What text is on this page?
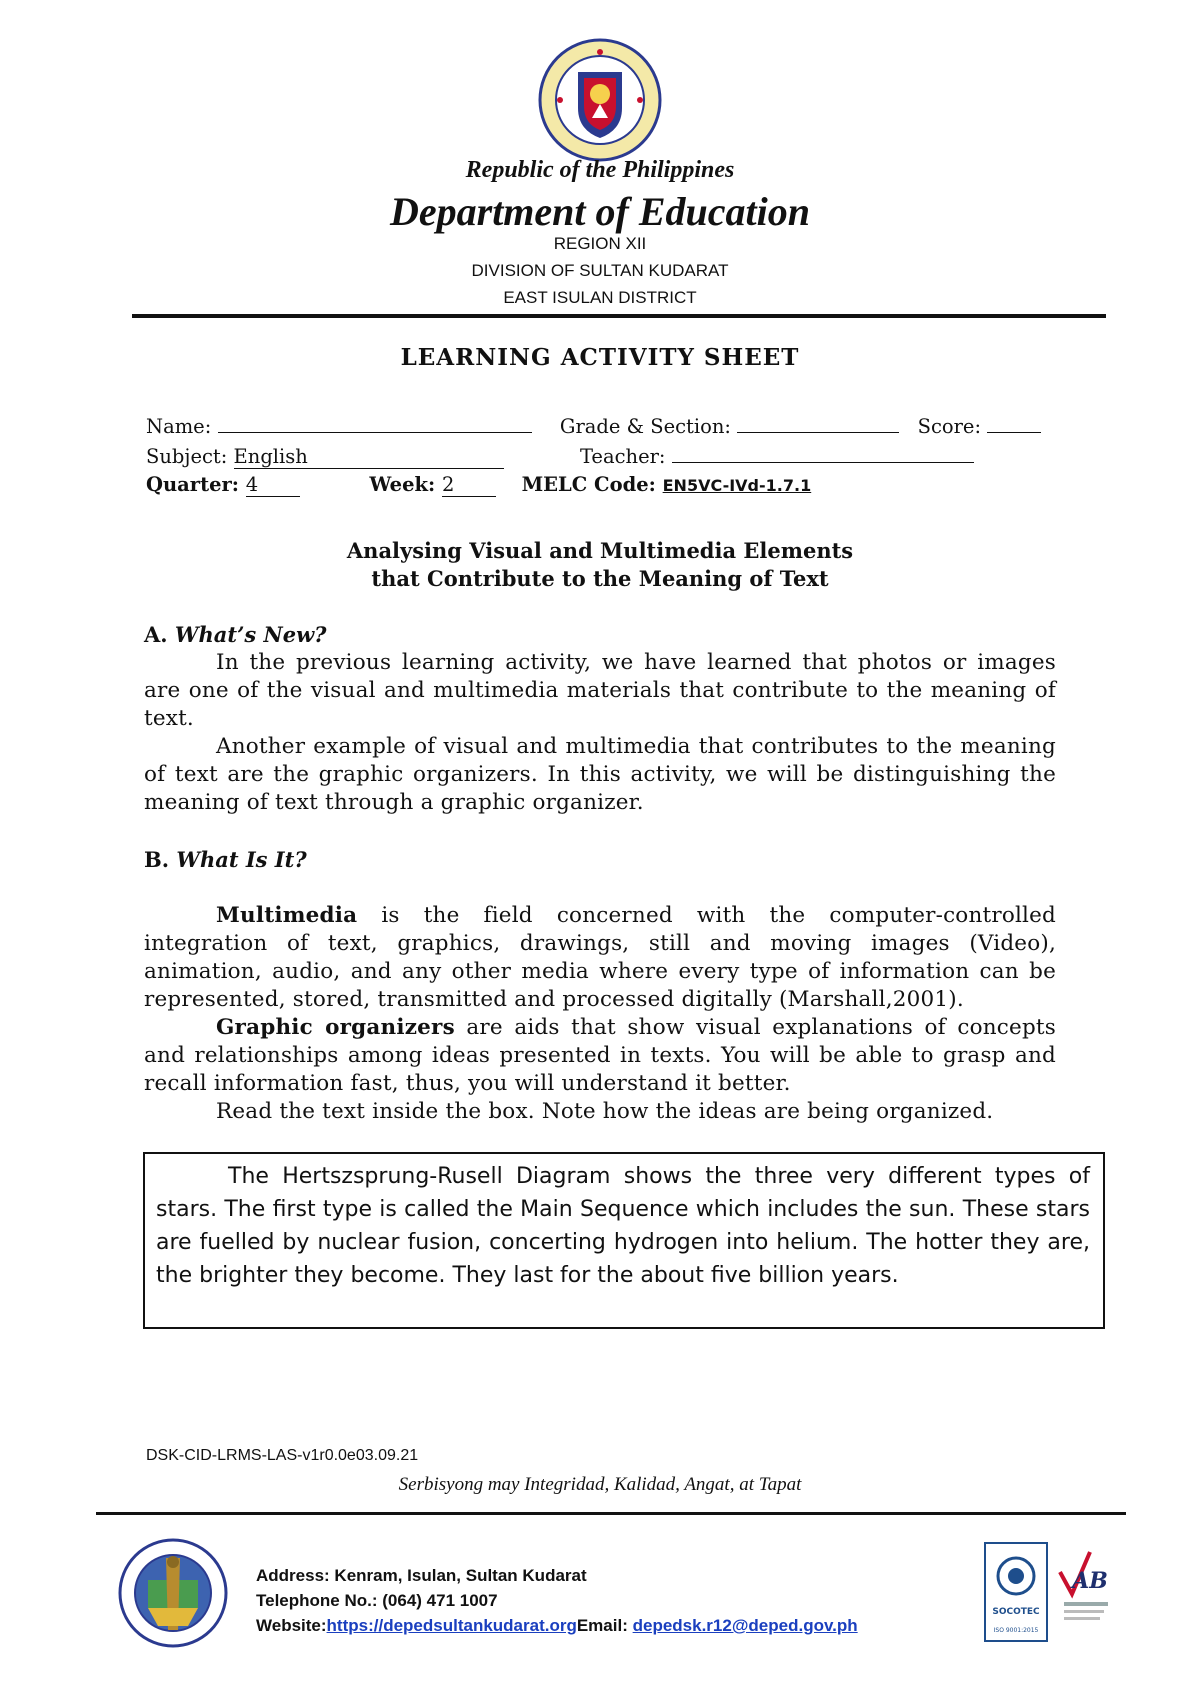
Republic of the Philippines
Department of Education
REGION XII
DIVISION OF SULTAN KUDARAT
EAST ISULAN DISTRICT
LEARNING ACTIVITY SHEET
Name:	Grade & Section:	Score:
Subject: English	Teacher:
Quarter: 4	Week: 2	MELC Code: EN5VC-IVd-1.7.1
Analysing Visual and Multimedia Elements
that Contribute to the Meaning of Text
A. What’s New?
In the previous learning activity, we have learned that photos or images are one of the visual and multimedia materials that contribute to the meaning of text.
Another example of visual and multimedia that contributes to the meaning of text are the graphic organizers. In this activity, we will be distinguishing the meaning of text through a graphic organizer.
B. What Is It?
Multimedia is the field concerned with the computer-controlled integration of text, graphics, drawings, still and moving images (Video), animation, audio, and any other media where every type of information can be represented, stored, transmitted and processed digitally (Marshall,2001).
Graphic organizers are aids that show visual explanations of concepts and relationships among ideas presented in texts. You will be able to grasp and recall information fast, thus, you will understand it better.
Read the text inside the box. Note how the ideas are being organized.
The Hertszsprung-Rusell Diagram shows the three very different types of stars. The first type is called the Main Sequence which includes the sun. These stars are fuelled by nuclear fusion, concerting hydrogen into helium. The hotter they are, the brighter they become. They last for the about five billion years.
DSK-CID-LRMS-LAS-v1r0.0e03.09.21
Serbisyong may Integridad, Kalidad, Angat, at Tapat
Address: Kenram, Isulan, Sultan Kudarat
Telephone No.: (064) 471 1007
Website:https://depedsultankudarat.orgEmail: depedsk.r12@deped.gov.ph
SOCOTEC
ISO 9001:2015
AB
